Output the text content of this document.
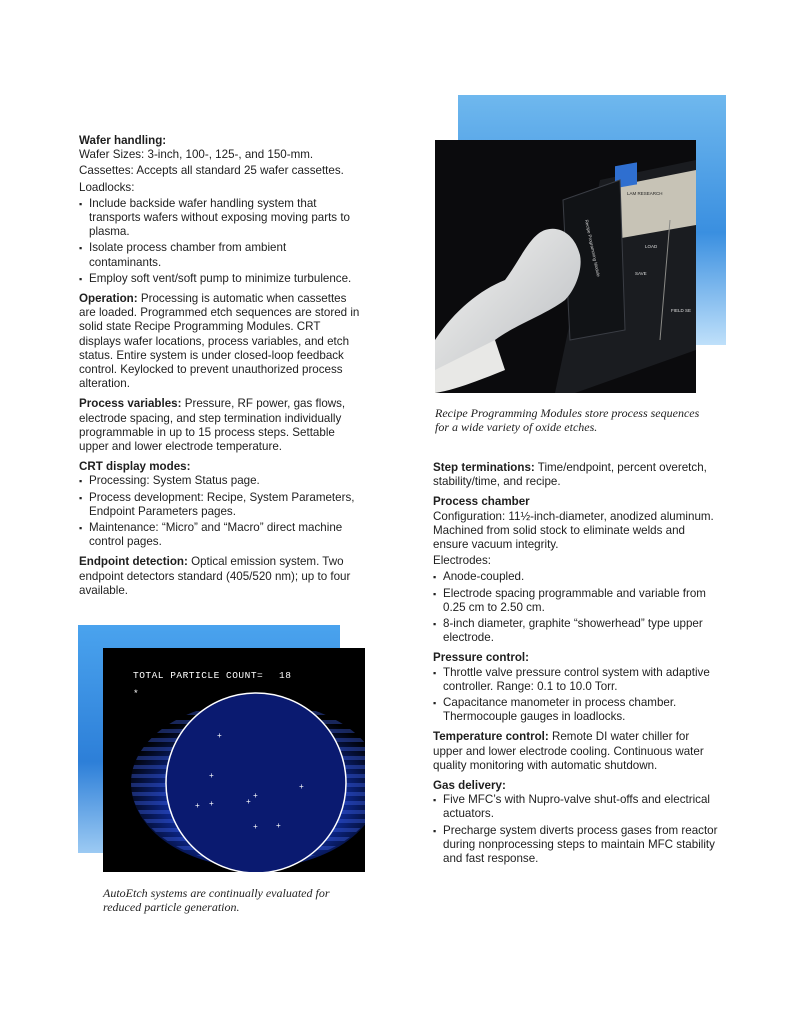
Wafer handling:

Wafer Sizes: 3-inch, 100-, 125-, and 150-mm.

Cassettes: Accepts all standard 25 wafer cassettes.

Loadlocks:

▪ Include backside wafer handling system that transports wafers without exposing moving parts to plasma.
▪ Isolate process chamber from ambient contaminants.
▪ Employ soft vent/soft pump to minimize turbulence.

Operation: Processing is automatic when cassettes are loaded. Programmed etch sequences are stored in solid state Recipe Programming Modules. CRT displays wafer locations, process variables, and etch status. Entire system is under closed-loop feedback control. Keylocked to prevent unauthorized process alteration.

Process variables: Pressure, RF power, gas flows, electrode spacing, and step termination individually programmable in up to 15 process steps. Settable upper and lower electrode temperature.

CRT display modes:
▪ Processing: System Status page.
▪ Process development: Recipe, System Parameters, Endpoint Parameters pages.
▪ Maintenance: “Micro” and “Macro” direct machine control pages.

Endpoint detection: Optical emission system. Two endpoint detectors standard (405/520 nm); up to four available.

LAM RESEARCH
LOAD
SAVE
FIELD SE
Recipe Programming Module
Recipe Programming Modules store process sequences for a wide variety of oxide etches.

Step terminations: Time/endpoint, percent overetch, stability/time, and recipe.

Process chamber

Configuration: 11½-inch-diameter, anodized aluminum. Machined from solid stock to eliminate welds and ensure vacuum integrity.

Electrodes:

▪ Anode-coupled.
▪ Electrode spacing programmable and variable from 0.25 cm to 2.50 cm.
▪ 8-inch diameter, graphite “showerhead” type upper electrode.
Pressure control:
▪ Throttle valve pressure control system with adaptive controller. Range: 0.1 to 10.0 Torr.
▪ Capacitance manometer in process chamber. Thermocouple gauges in loadlocks.

Temperature control: Remote DI water chiller for upper and lower electrode cooling. Continuous water quality monitoring with automatic shutdown.

Gas delivery:
▪ Five MFC’s with Nupro-valve shut-offs and electrical actuators.
▪ Precharge system diverts process gases from reactor during nonprocessing steps to maintain MFC stability and fast response.
TOTAL PARTICLE COUNT= 18
*
+
+
+ +	+
+
+
+
+
AutoEtch systems are continually evaluated for reduced particle generation.
